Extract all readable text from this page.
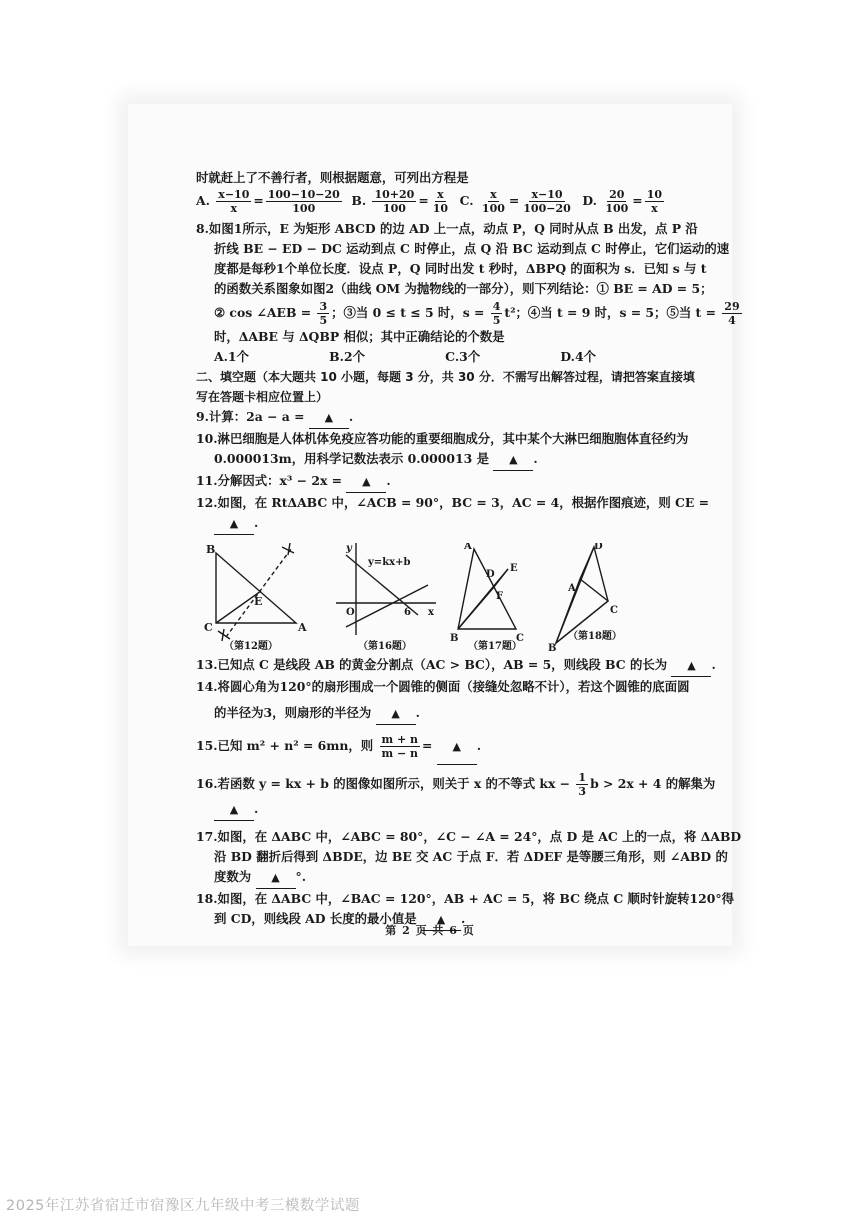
时就赶上了不善行者，则根据题意，可列出方程是
A. $\frac{x-10}{x} = \frac{100-10-20}{100} B$. $\frac{10+20}{100} = \frac{x}{10} C$. $\frac{x}{100} = \frac{x-10}{100-20} D$. $\frac{20}{100} = \frac{10}{x}$
8.如图1所示，E 为矩形 ABCD 的边 AD 上一点，动点 P，Q 同时从点 B 出发，点 P 沿
折线 BE − ED − DC 运动到点 C 时停止，点 Q 沿 BC 运动到点 C 时停止，它们运动的速
度都是每秒1个单位长度．设点 P，Q 同时出发 t 秒时，ΔBPQ 的面积为 s．已知 s 与 t
的函数关系图象如图2（曲线 OM 为抛物线的一部分），则下列结论：① BE = AD = 5；
② cos ∠AEB = $\frac{3}{5}$ ；③当 0 ≤ t ≤ 5 时，$s = \frac{4}{5} t^2$；④当 t = 9 时，s = 5；⑤当 $t = \frac{29}{4}$
时，ΔABE 与 ΔQBP 相似；其中正确结论的个数是
A.1个	B.2个	C.3个	D.4个
二、填空题（本大题共 10 小题，每题 3 分，共 30 分．不需写出解答过程，请把答案直接填
写在答题卡相应位置上）
9.计算：2a − a = ▲ .
10.淋巴细胞是人体机体免疫应答功能的重要细胞成分，其中某个大淋巴细胞胞体直径约为
0.000013m，用科学记数法表示 0.000013 是 ▲ .
11.分解因式：x³ − 2x = ▲ .
12.如图，在 RtΔABC 中，∠ACB = 90°，BC = 3，AC = 4，根据作图痕迹，则 CE =
▲ .
B
C
E
A
（第12题）
y
y=kx+b
O	6 x
（第16题）
A
D
E
F
B	C
（第17题）
D
A
C
B
（第18题）
13.已知点 C 是线段 AB 的黄金分割点（AC > BC），AB = 5，则线段 BC 的长为 ▲
14.将圆心角为120°的扇形围成一个圆锥的侧面（接缝处忽略不计），若这个圆锥的底面圆
的半径为3，则扇形的半径为 ▲ .
15.已知 m² + n² = 6mn，则 $\frac{m + n}{m - n}$ = ▲ .
16.若函数 y = kx + b 的图像如图所示，则关于 x 的不等式 kx − $\frac{1}{3}$ b > 2x + 4 的解集为
▲ .
17.如图，在 ΔABC 中，∠ABC = 80°，∠C − ∠A = 24°，点 D 是 AC 上的一点，将 ΔABD
沿 BD 翻折后得到 ΔBDE，边 BE 交 AC 于点 F．若 ΔDEF 是等腰三角形，则 ∠ABD 的
度数为 ▲ °.
18.如图，在 ΔABC 中，∠BAC = 120°，AB + AC = 5，将 BC 绕点 C 顺时针旋转120°得
到 CD，则线段 AD 长度的最小值是 ▲ .
第 2 页 共 6 页
2025年江苏省宿迁市宿豫区九年级中考三模数学试题
